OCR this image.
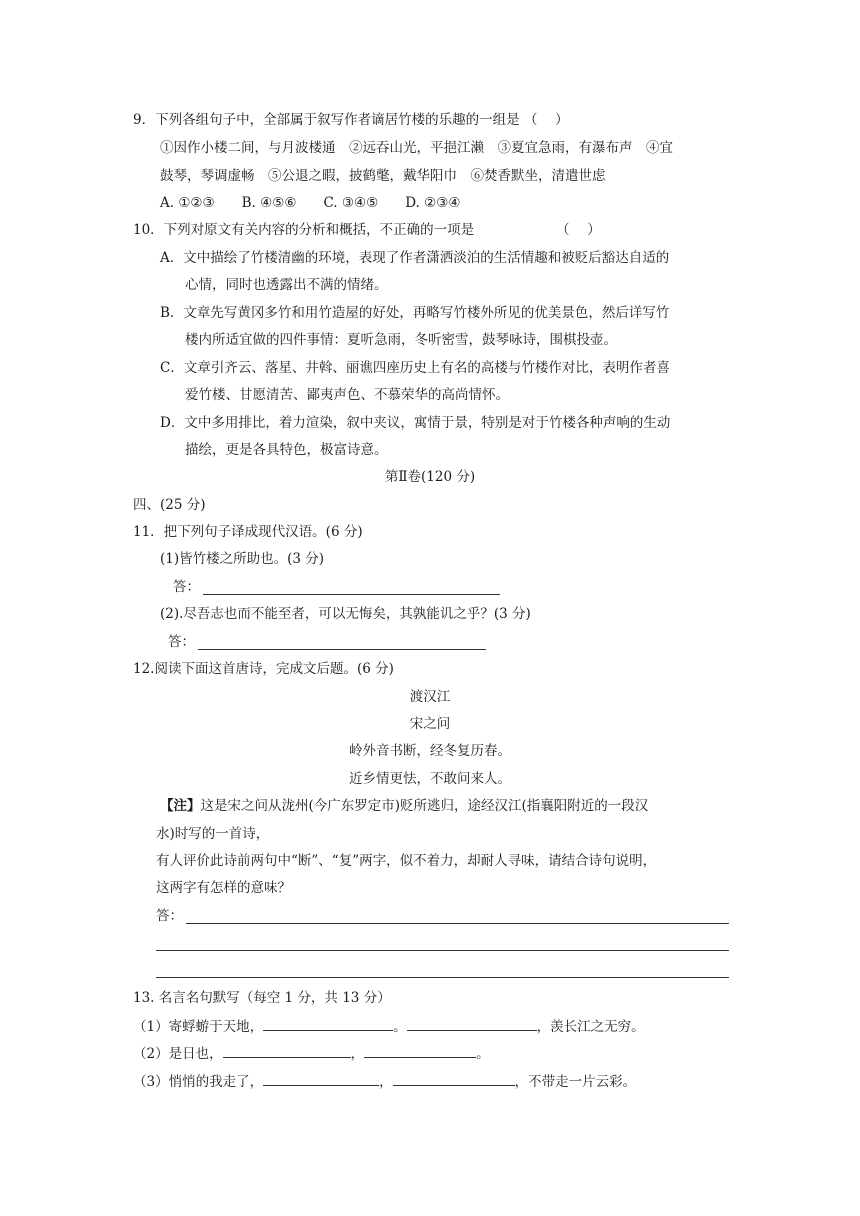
9．下列各组句子中，全部属于叙写作者谪居竹楼的乐趣的一组是 （　 ）
①因作小楼二间，与月波楼通　②远吞山光，平挹江濑　③夏宜急雨，有瀑布声　④宜
鼓琴，琴调虚畅　⑤公退之暇，披鹤氅，戴华阳巾　⑥焚香默坐，清遣世虑
A. ①②③　　B. ④⑤⑥　　C. ③④⑤　　D. ②③④
10．下列对原文有关内容的分析和概括，不正确的一项是	（　 ）
A．文中描绘了竹楼清幽的环境，表现了作者潇洒淡泊的生活情趣和被贬后豁达自适的
心情，同时也透露出不满的情绪。
B．文章先写黄冈多竹和用竹造屋的好处，再略写竹楼外所见的优美景色，然后详写竹
楼内所适宜做的四件事情：夏听急雨，冬听密雪，鼓琴咏诗，围棋投壶。
C．文章引齐云、落星、井斡、丽谯四座历史上有名的高楼与竹楼作对比，表明作者喜
爱竹楼、甘愿清苦、鄙夷声色、不慕荣华的高尚情怀。
D．文中多用排比，着力渲染，叙中夹议，寓情于景，特别是对于竹楼各种声响的生动
描绘，更是各具特色，极富诗意。
第Ⅱ卷(120 分)
四、(25 分)
11．把下列句子译成现代汉语。(6 分)
(1)皆竹楼之所助也。(3 分)
答：
(2).尽吾志也而不能至者，可以无悔矣，其孰能讥之乎？(3 分)
答：
12.阅读下面这首唐诗，完成文后题。(6 分)
渡汉江
宋之问
岭外音书断，经冬复历春。
近乡情更怯，不敢问来人。
【注】这是宋之问从泷州(今广东罗定市)贬所逃归，途经汉江(指襄阳附近的一段汉
水)时写的一首诗，
有人评价此诗前两句中“断”、“复”两字，似不着力，却耐人寻味，请结合诗句说明，
这两字有怎样的意味？
答：
13. 名言名句默写（每空 1 分，共 13 分）
（1）寄蜉蝣于天地，	。	，羡长江之无穷。
（2）是日也，	，	。
（3）悄悄的我走了，	，	，不带走一片云彩。
